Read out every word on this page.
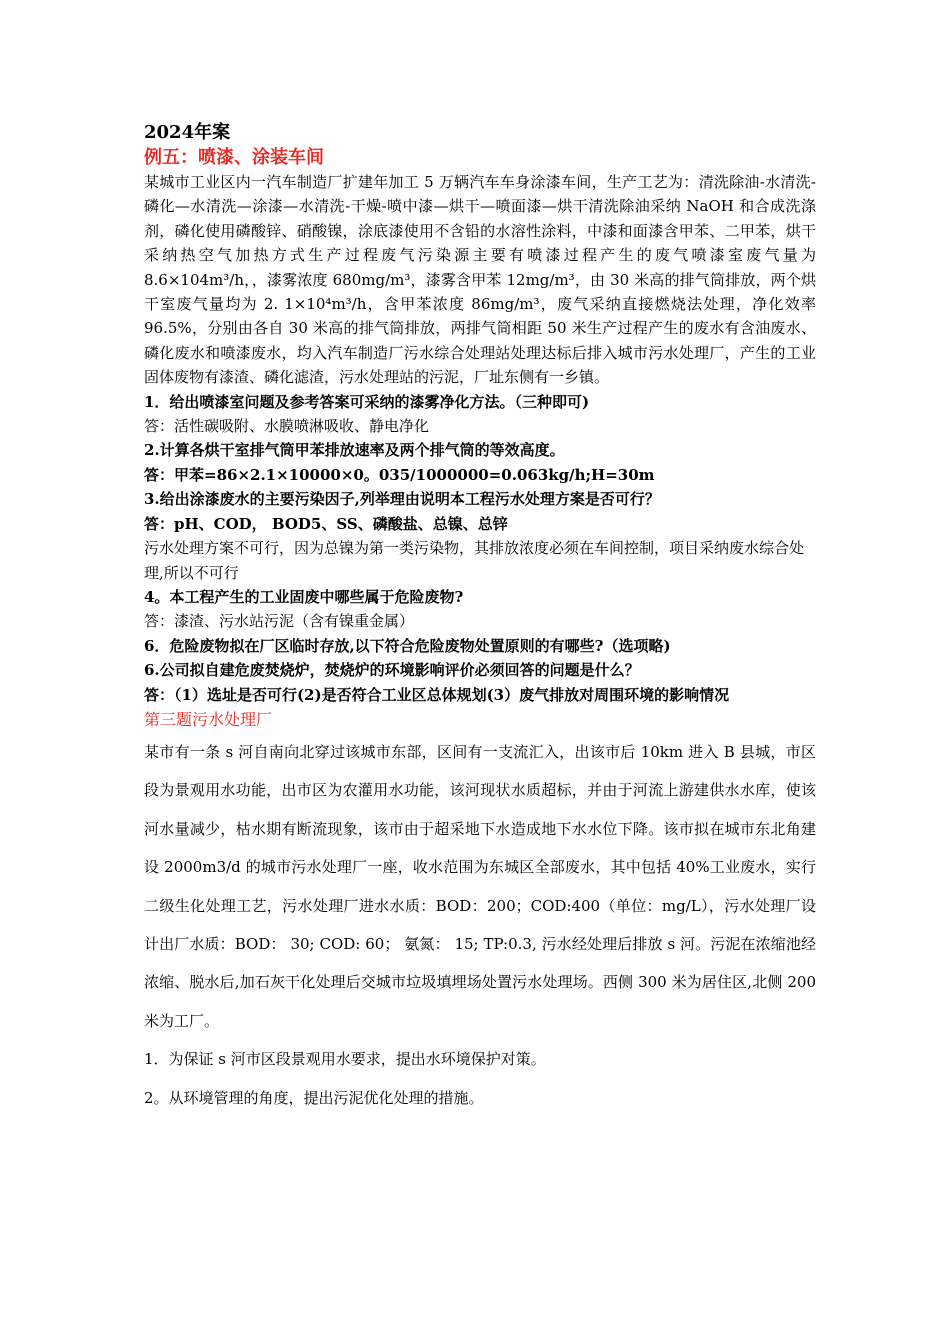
2024年案

例五：喷漆、涂装车间

某城市工业区内一汽车制造厂扩建年加工 5 万辆汽车车身涂漆车间，生产工艺为：清洗除油-水清洗-磷化—水清洗—涂漆—水清洗-干燥-喷中漆—烘干—喷面漆—烘干清洗除油采纳 NaOH 和合成洗涤剂，磷化使用磷酸锌、硝酸镍，涂底漆使用不含铅的水溶性涂料，中漆和面漆含甲苯、二甲苯，烘干采纳热空气加热方式生产过程废气污染源主要有喷漆过程产生的废气喷漆室废气量为 8.6×104m³/h，，漆雾浓度 680mg/m³，漆雾含甲苯 12mg/m³，由 30 米高的排气筒排放，两个烘干室废气量均为 2. 1×10⁴m³/h，含甲苯浓度 86mg/m³，废气采纳直接燃烧法处理，净化效率 96.5%，分别由各自 30 米高的排气筒排放，两排气筒相距 50 米生产过程产生的废水有含油废水、磷化废水和喷漆废水，均入汽车制造厂污水综合处理站处理达标后排入城市污水处理厂，产生的工业固体废物有漆渣、磷化滤渣，污水处理站的污泥，厂址东侧有一乡镇。

1．给出喷漆室问题及参考答案可采纳的漆雾净化方法。（三种即可)

答：活性碳吸附、水膜喷淋吸收、静电净化

2.计算各烘干室排气筒甲苯排放速率及两个排气筒的等效高度。

答：甲苯=86×2.1×10000×0。035/1000000=0.063kg/h;H=30m

3.给出涂漆废水的主要污染因子,列举理由说明本工程污水处理方案是否可行？

答：pH、COD， BOD5、SS、磷酸盐、总镍、总锌

污水处理方案不可行，因为总镍为第一类污染物，其排放浓度必须在车间控制，项目采纳废水综合处理,所以不可行

4。本工程产生的工业固废中哪些属于危险废物?

答：漆渣、污水站污泥（含有镍重金属）

6．危险废物拟在厂区临时存放,以下符合危险废物处置原则的有哪些?（选项略)

6.公司拟自建危废焚烧炉，焚烧炉的环境影响评价必须回答的问题是什么？

答：（1）选址是否可行(2)是否符合工业区总体规划(3）废气排放对周围环境的影响情况

第三题污水处理厂

某市有一条 s 河自南向北穿过该城市东部，区间有一支流汇入，出该市后 10km 进入 B 县城，市区段为景观用水功能，出市区为农灌用水功能，该河现状水质超标，并由于河流上游建供水水库，使该河水量减少，枯水期有断流现象，该市由于超采地下水造成地下水水位下降。该市拟在城市东北角建设 2000m3/d 的城市污水处理厂一座，收水范围为东城区全部废水，其中包括 40%工业废水，实行二级生化处理工艺，污水处理厂进水水质：BOD：200；COD:400（单位：mg/L），污水处理厂设计出厂水质：BOD： 30; COD: 60； 氨氮： 15; TP:0.3, 污水经处理后排放 s 河。污泥在浓缩池经浓缩、脱水后,加石灰干化处理后交城市垃圾填埋场处置污水处理场。西侧 300 米为居住区,北侧 200 米为工厂。

1．为保证 s 河市区段景观用水要求，提出水环境保护对策。

2。从环境管理的角度，提出污泥优化处理的措施。
